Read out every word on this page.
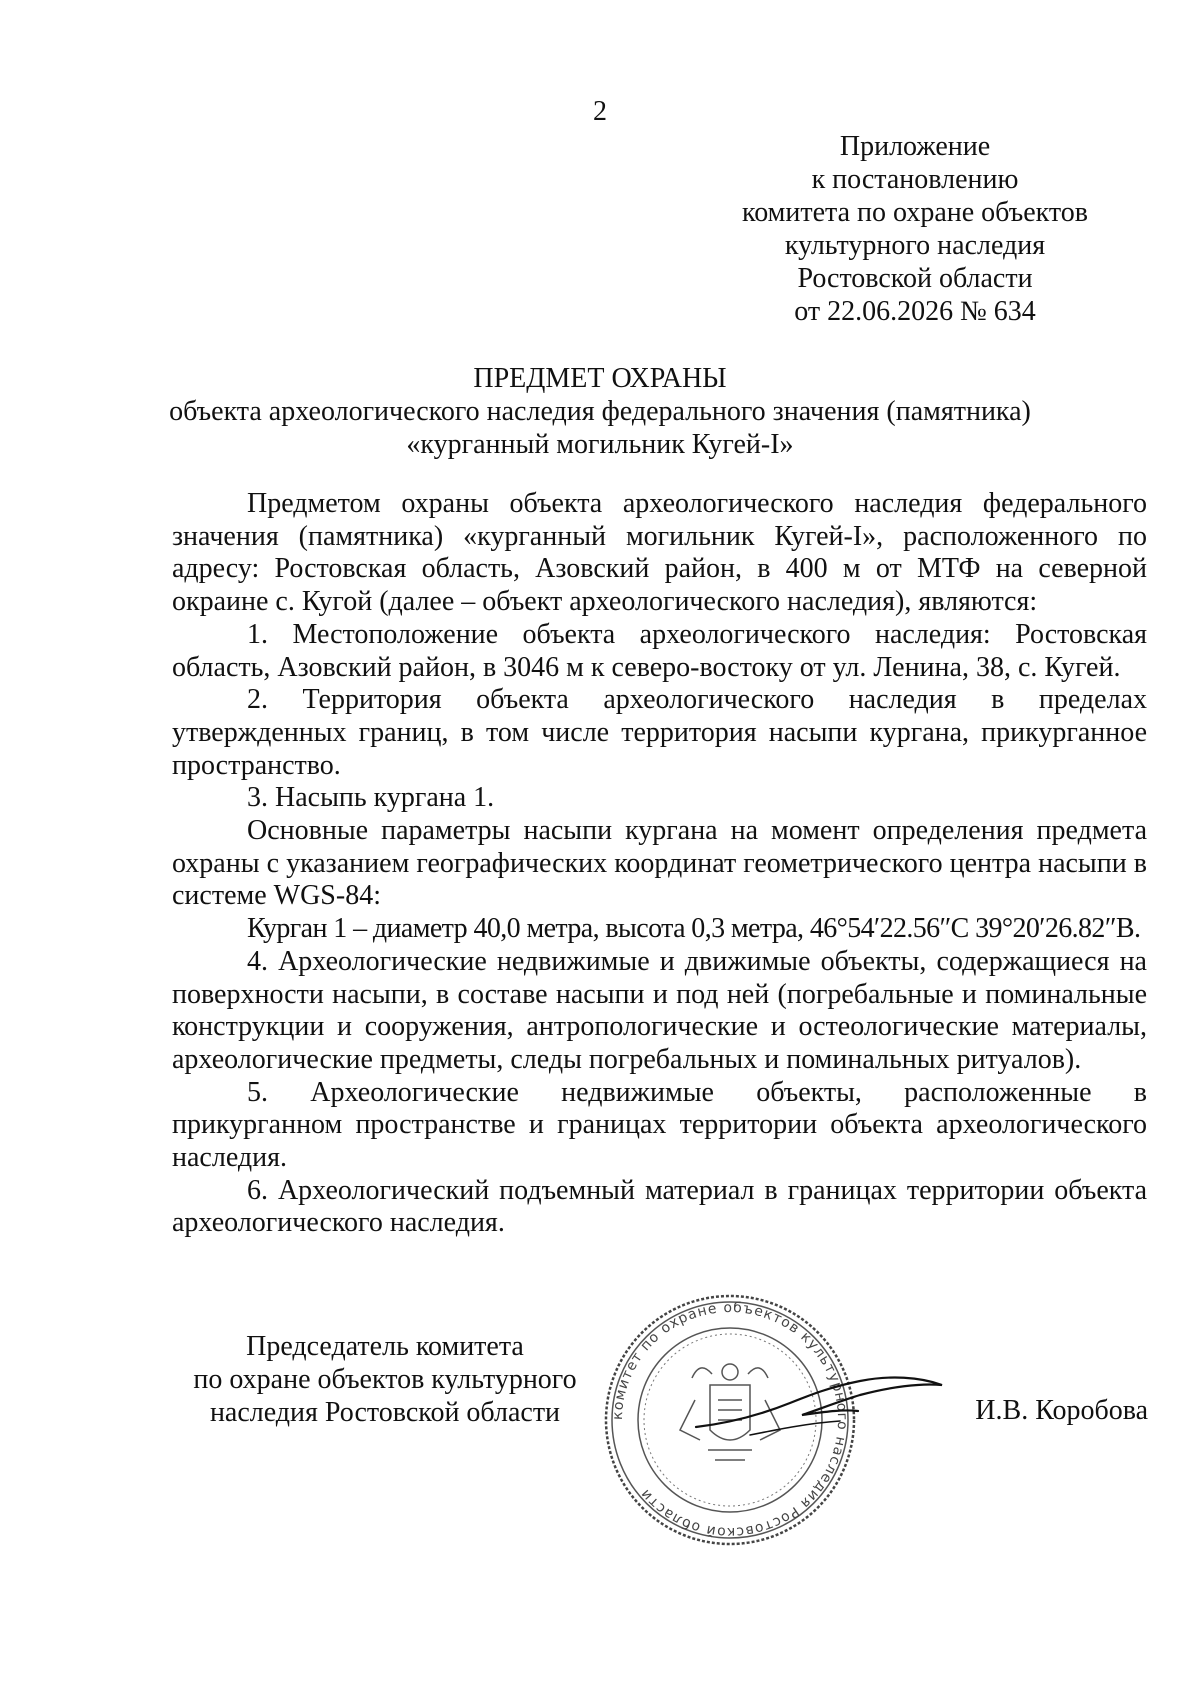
2
Приложение
к постановлению
комитета по охране объектов
культурного наследия
Ростовской области
от 22.06.2026 № 634
ПРЕДМЕТ ОХРАНЫ
объекта археологического наследия федерального значения (памятника)
«курганный могильник Кугей-I»

Предметом охраны объекта археологического наследия федерального значения (памятника) «курганный могильник Кугей-I», расположенного по адресу: Ростовская область, Азовский район, в 400 м от МТФ на северной окраине с. Кугой (далее – объект археологического наследия), являются:

1. Местоположение объекта археологического наследия: Ростовская область, Азовский район, в 3046 м к северо-востоку от ул. Ленина, 38, с. Кугей.

2. Территория объекта археологического наследия в пределах утвержденных границ, в том числе территория насыпи кургана, прикурганное пространство.

3. Насыпь кургана 1.

Основные параметры насыпи кургана на момент определения предмета охраны с указанием географических координат геометрического центра насыпи в системе WGS-84:

Курган 1 – диаметр 40,0 метра, высота 0,3 метра, 46°54′22.56″С 39°20′26.82″В.

4. Археологические недвижимые и движимые объекты, содержащиеся на поверхности насыпи, в составе насыпи и под ней (погребальные и поминальные конструкции и сооружения, антропологические и остеологические материалы, археологические предметы, следы погребальных и поминальных ритуалов).

5. Археологические недвижимые объекты, расположенные в прикурганном пространстве и границах территории объекта археологического наследия.

6. Археологический подъемный материал в границах территории объекта археологического наследия.

Председатель комитета
по охране объектов культурного
наследия Ростовской области	комитет по охране объектов культурного наследия Ростовской области
И.В. Коробова
